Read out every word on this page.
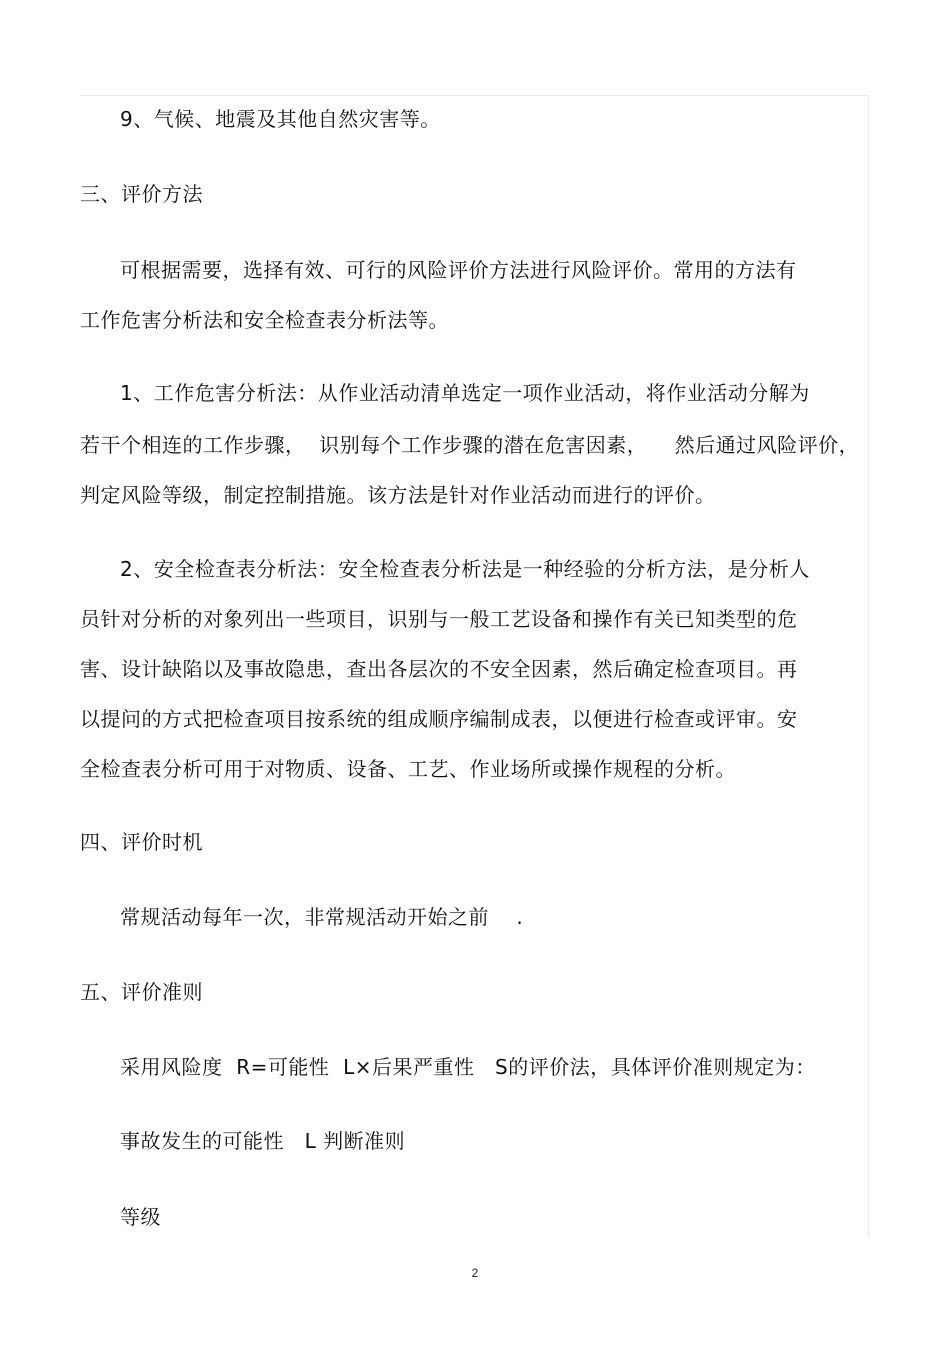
9、气候、地震及其他自然灾害等。
三、评价方法
可根据需要，选择有效、可行的风险评价方法进行风险评价。常用的方法有
工作危害分析法和安全检查表分析法等。
1、工作危害分析法：从作业活动清单选定一项作业活动，将作业活动分解为
若干个相连的工作步骤，  识别每个工作步骤的潜在危害因素，    然后通过风险评价，
判定风险等级，制定控制措施。该方法是针对作业活动而进行的评价。
2、安全检查表分析法：安全检查表分析法是一种经验的分析方法，是分析人
员针对分析的对象列出一些项目，识别与一般工艺设备和操作有关已知类型的危
害、设计缺陷以及事故隐患，查出各层次的不安全因素，然后确定检查项目。再
以提问的方式把检查项目按系统的组成顺序编制成表，以便进行检查或评审。安
全检查表分析可用于对物质、设备、工艺、作业场所或操作规程的分析。
四、评价时机
常规活动每年一次，非常规活动开始之前    .
五、评价准则
采用风险度  R=可能性  L×后果严重性   S的评价法，具体评价准则规定为：
事故发生的可能性   L 判断准则
等级
2
